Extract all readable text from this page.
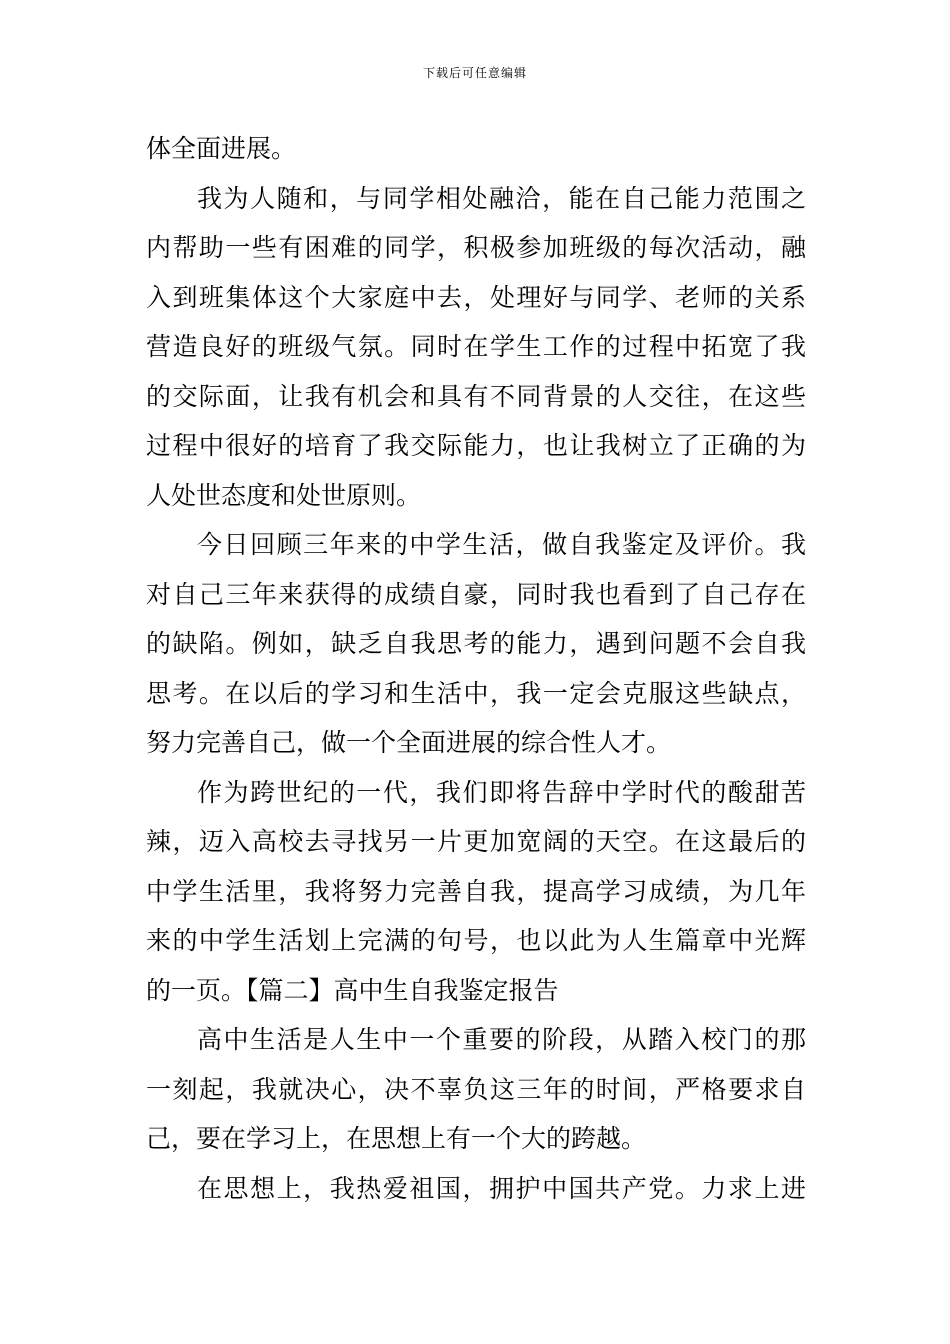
下载后可任意编辑
体全面进展。
我为人随和，与同学相处融洽，能在自己能力范围之
内帮助一些有困难的同学，积极参加班级的每次活动，融
入到班集体这个大家庭中去，处理好与同学、老师的关系
营造良好的班级气氛。同时在学生工作的过程中拓宽了我
的交际面，让我有机会和具有不同背景的人交往，在这些
过程中很好的培育了我交际能力，也让我树立了正确的为
人处世态度和处世原则。
今日回顾三年来的中学生活，做自我鉴定及评价。我
对自己三年来获得的成绩自豪，同时我也看到了自己存在
的缺陷。例如，缺乏自我思考的能力，遇到问题不会自我
思考。在以后的学习和生活中，我一定会克服这些缺点，
努力完善自己，做一个全面进展的综合性人才。
作为跨世纪的一代，我们即将告辞中学时代的酸甜苦
辣，迈入高校去寻找另一片更加宽阔的天空。在这最后的
中学生活里，我将努力完善自我，提高学习成绩，为几年
来的中学生活划上完满的句号，也以此为人生篇章中光辉
的一页。【篇二】高中生自我鉴定报告
高中生活是人生中一个重要的阶段，从踏入校门的那
一刻起，我就决心，决不辜负这三年的时间，严格要求自
己，要在学习上，在思想上有一个大的跨越。
在思想上，我热爱祖国，拥护中国共产党。力求上进
